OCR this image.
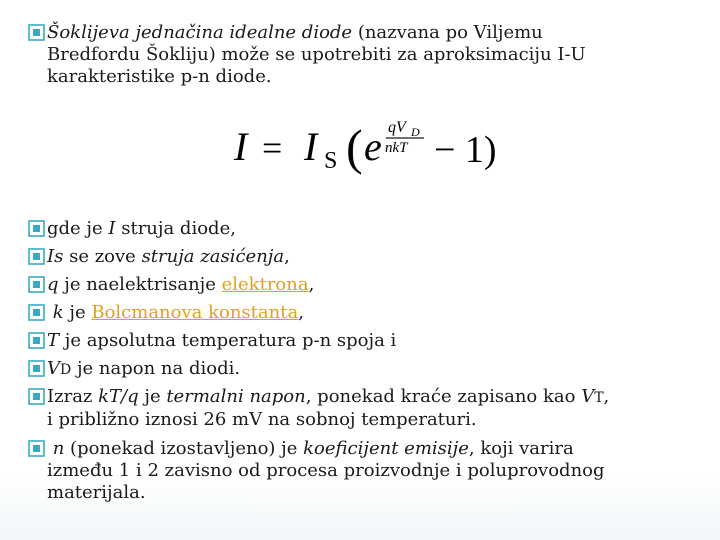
Šoklijeva jednačina idealne diode (nazvana po Viljemu
Bredfordu Šokliju) može se upotrebiti za aproksimaciju I-U
karakteristike p-n diode.
I = I S ( e qV D
nkT − 1)
gde je I struja diode,
Is se zove struja zasićenja,
q je naelektrisanje elektrona,
k je Bolcmanova konstanta,
T je apsolutna temperatura p-n spoja i
VD je napon na diodi.
Izraz kT/q je termalni napon, ponekad kraće zapisano kao VT,
i približno iznosi 26 mV na sobnoj temperaturi.
n (ponekad izostavljeno) je koeficijent emisije, koji varira
između 1 i 2 zavisno od procesa proizvodnje i poluprovodnog
materijala.
